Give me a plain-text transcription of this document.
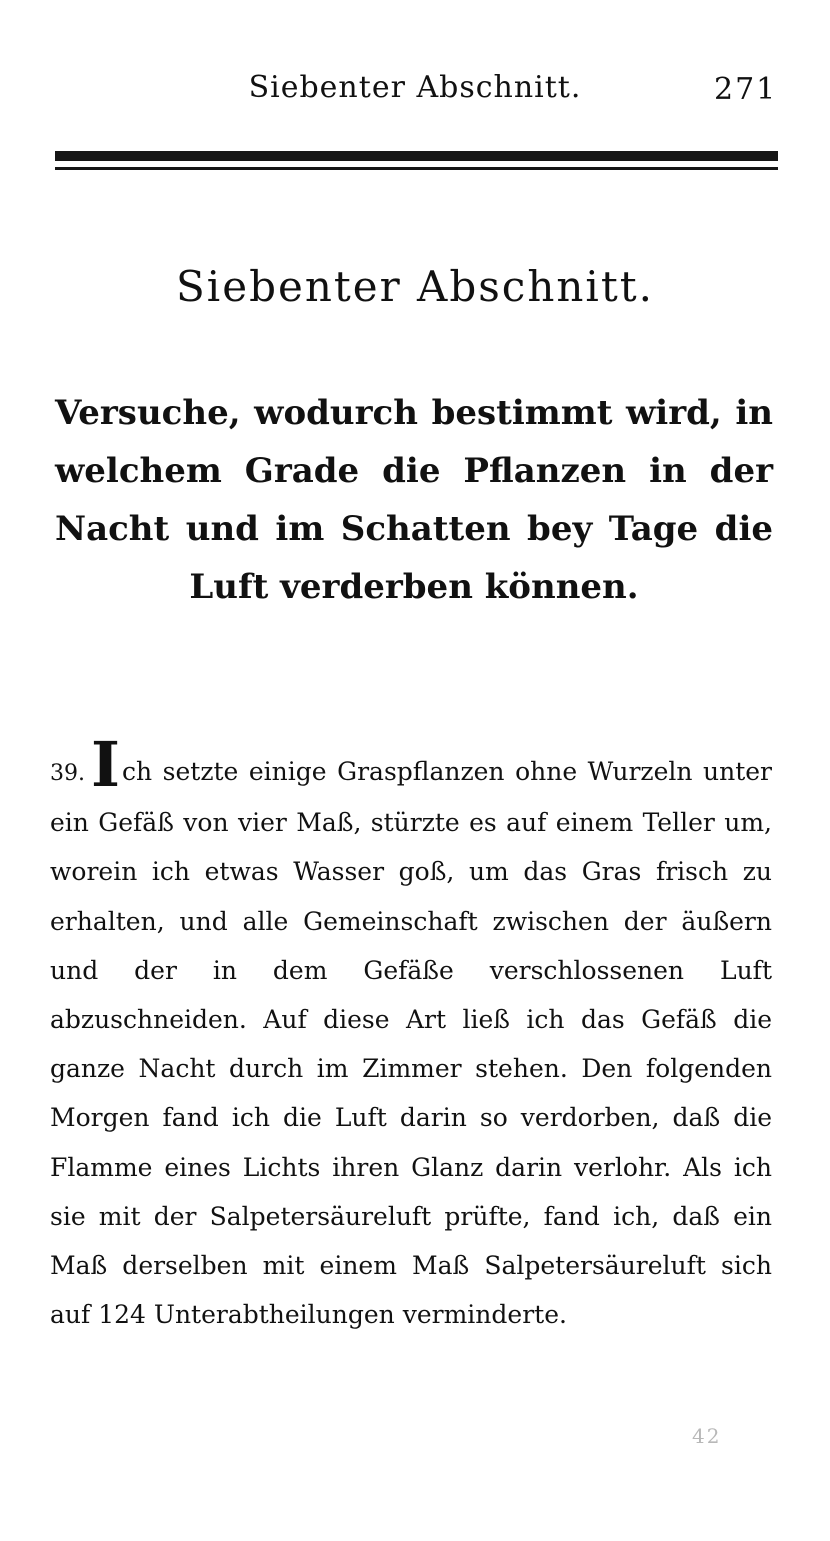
Siebenter Abschnitt.	271
Siebenter Abschnitt.
Versuche, wodurch bestimmt wird, in welchem Grade die Pflanzen in der Nacht und im Schatten bey Tage die Luft verderben können.
39.Ich setzte einige Graspflanzen ohne Wurzeln unter ein Gefäß von vier Maß, stürzte es auf einem Teller um, worein ich etwas Wasser goß, um das Gras frisch zu erhalten, und alle Gemeinschaft zwischen der äußern und der in dem Gefäße verschlossenen Luft abzuschneiden. Auf diese Art ließ ich das Gefäß die ganze Nacht durch im Zimmer stehen. Den folgenden Morgen fand ich die Luft darin so verdorben, daß die Flamme eines Lichts ihren Glanz darin verlohr. Als ich sie mit der Salpetersäureluft prüfte, fand ich, daß ein Maß derselben mit einem Maß Salpetersäureluft sich auf 124 Unterabtheilungen verminderte.
42
